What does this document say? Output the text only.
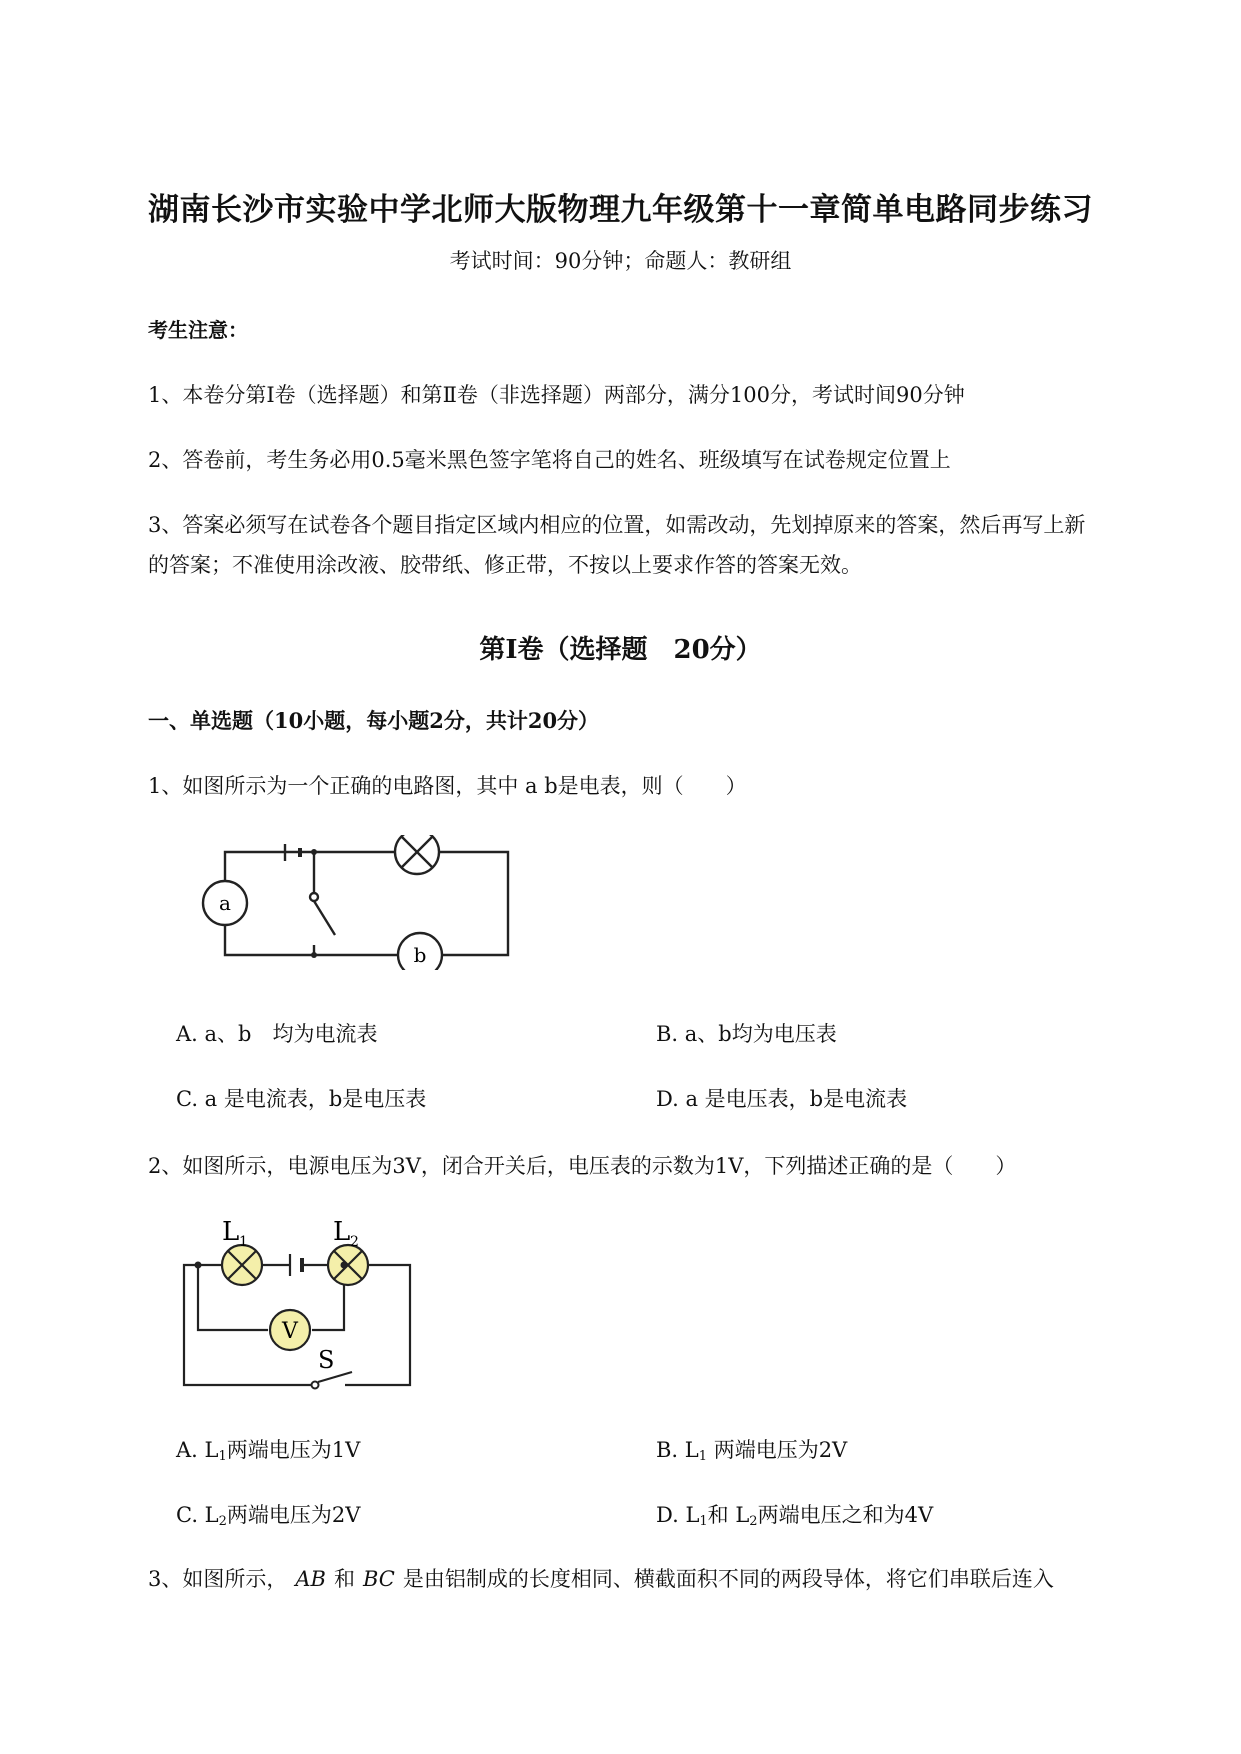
湖南长沙市实验中学北师大版物理九年级第十一章简单电路同步练习

考试时间：90分钟；命题人：教研组

考生注意：

1、本卷分第I卷（选择题）和第Ⅱ卷（非选择题）两部分，满分100分，考试时间90分钟

2、答卷前，考生务必用0.5毫米黑色签字笔将自己的姓名、班级填写在试卷规定位置上

3、答案必须写在试卷各个题目指定区域内相应的位置，如需改动，先划掉原来的答案，然后再写上新

的答案；不准使用涂改液、胶带纸、修正带，不按以上要求作答的答案无效。

第I卷（选择题　20分）

一、单选题（10小题，每小题2分，共计20分）

1、如图所示为一个正确的电路图，其中 a b是电表，则（　　）

a
b

A. a、b　均为电流表	B. a、b均为电压表

C. a 是电流表，b是电压表	D. a 是电压表，b是电流表

2、如图所示，电源电压为3V，闭合开关后，电压表的示数为1V，下列描述正确的是（　　）

L 1	L 2
V
S

A. $L_1$两端电压为1V	B. $L_1$ 两端电压为2V

C. $L_2$两端电压为2V	D. $L_1$和 $L_2$两端电压之和为4V

3、如图所示， AB 和 BC 是由铝制成的长度相同、横截面积不同的两段导体，将它们串联后连入
